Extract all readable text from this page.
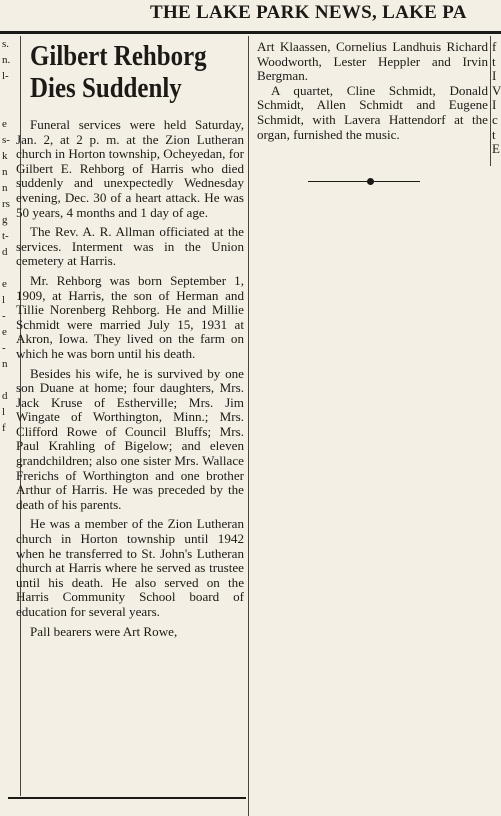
THE LAKE PARK NEWS, LAKE PA
s.
n.
l-

e
s-
k
n
n
rs
g
t-
d

e
l
-
e
-
n

d
l
f

Gilbert Rehborg
Dies Suddenly

Funeral services were held Saturday, Jan. 2, at 2 p. m. at the Zion Lutheran church in Horton township, Ocheyedan, for Gilbert E. Rehborg of Harris who died suddenly and unexpectedly Wednesday evening, Dec. 30 of a heart attack. He was 50 years, 4 months and 1 day of age.

The Rev. A. R. Allman officiated at the services. Interment was in the Union cemetery at Harris.

Mr. Rehborg was born September 1, 1909, at Harris, the son of Herman and Tillie Norenberg Rehborg. He and Millie Schmidt were married July 15, 1931 at Akron, Iowa. They lived on the farm on which he was born until his death.

Besides his wife, he is survived by one son Duane at home; four daughters, Mrs. Jack Kruse of Estherville; Mrs. Jim Wingate of Worthington, Minn.; Mrs. Clifford Rowe of Council Bluffs; Mrs. Paul Krahling of Bigelow; and eleven grandchildren; also one sister Mrs. Wallace Frerichs of Worthington and one brother Arthur of Harris. He was preceded by the death of his parents.

He was a member of the Zion Lutheran church in Horton township until 1942 when he transferred to St. John's Lutheran church at Harris where he served as trustee until his death. He also served on the Harris Community School board of education for several years.

Pall bearers were Art Rowe,

Art Klaassen, Cornelius Landhuis Richard Woodworth, Lester Heppler and Irvin Bergman.

A quartet, Cline Schmidt, Donald Schmidt, Allen Schmidt and Eugene Schmidt, with Lavera Hattendorf at the organ, furnished the music.

f
t
I
V
I
c
t
E
